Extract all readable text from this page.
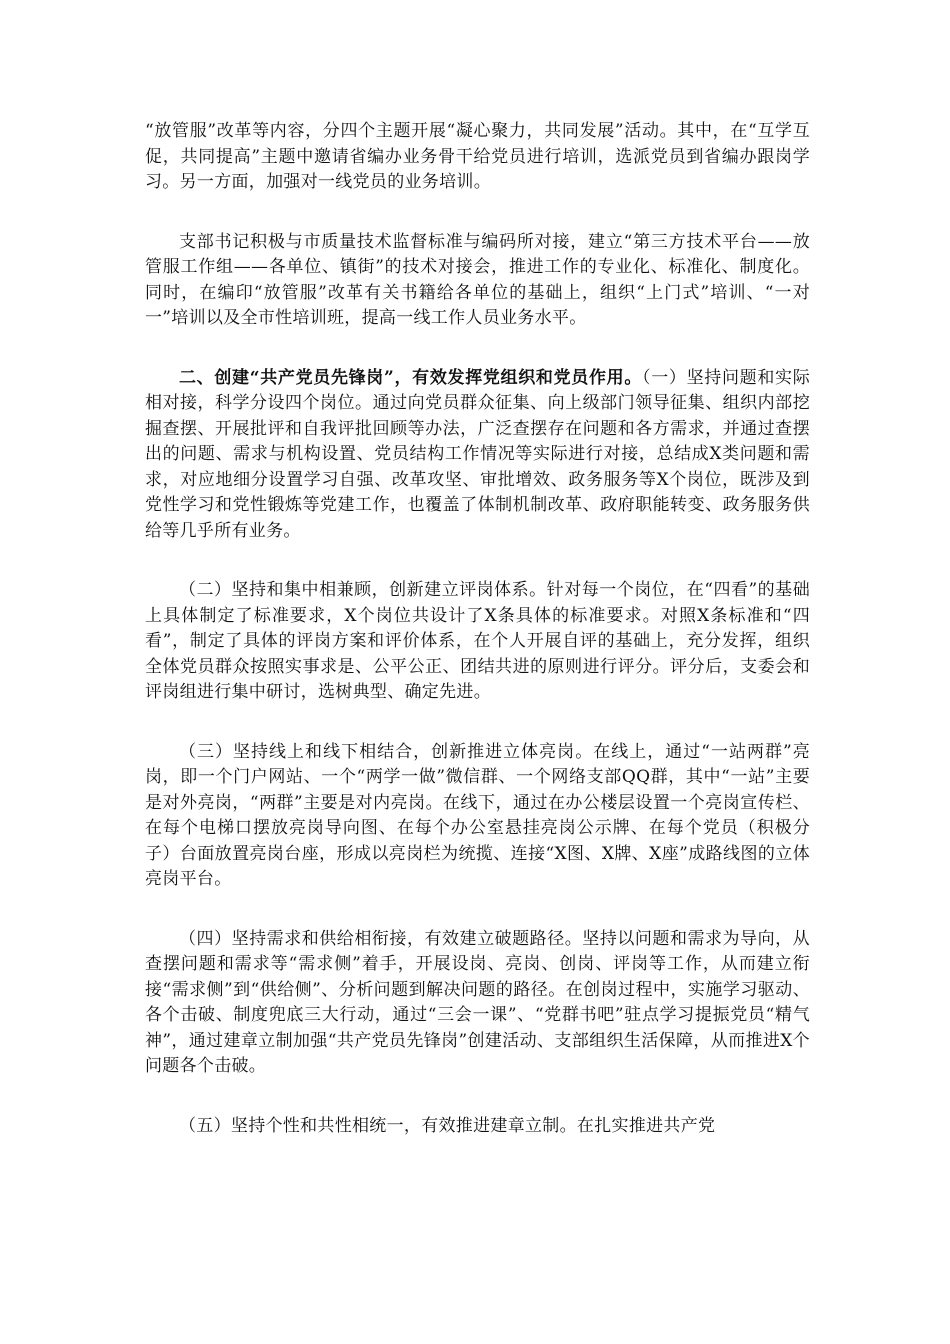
“放管服”改革等内容，分四个主题开展“凝心聚力，共同发展”活动。其中，在“互学互促，共同提高”主题中邀请省编办业务骨干给党员进行培训，选派党员到省编办跟岗学习。另一方面，加强对一线党员的业务培训。

支部书记积极与市质量技术监督标准与编码所对接，建立“第三方技术平台——放管服工作组——各单位、镇街”的技术对接会，推进工作的专业化、标准化、制度化。同时，在编印“放管服”改革有关书籍给各单位的基础上，组织“上门式”培训、“一对一”培训以及全市性培训班，提高一线工作人员业务水平。

二、创建“共产党员先锋岗”，有效发挥党组织和党员作用。（一）坚持问题和实际相对接，科学分设四个岗位。通过向党员群众征集、向上级部门领导征集、组织内部挖掘查摆、开展批评和自我评批回顾等办法，广泛查摆存在问题和各方需求，并通过查摆出的问题、需求与机构设置、党员结构工作情况等实际进行对接，总结成X类问题和需求，对应地细分设置学习自强、改革攻坚、审批增效、政务服务等X个岗位，既涉及到党性学习和党性锻炼等党建工作，也覆盖了体制机制改革、政府职能转变、政务服务供给等几乎所有业务。

（二）坚持和集中相兼顾，创新建立评岗体系。针对每一个岗位，在“四看”的基础上具体制定了标准要求，X个岗位共设计了X条具体的标准要求。对照X条标准和“四看”，制定了具体的评岗方案和评价体系，在个人开展自评的基础上，充分发挥，组织全体党员群众按照实事求是、公平公正、团结共进的原则进行评分。评分后，支委会和评岗组进行集中研讨，选树典型、确定先进。

（三）坚持线上和线下相结合，创新推进立体亮岗。在线上，通过“一站两群”亮岗，即一个门户网站、一个“两学一做”微信群、一个网络支部QQ群，其中“一站”主要是对外亮岗，“两群”主要是对内亮岗。在线下，通过在办公楼层设置一个亮岗宣传栏、在每个电梯口摆放亮岗导向图、在每个办公室悬挂亮岗公示牌、在每个党员（积极分子）台面放置亮岗台座，形成以亮岗栏为统揽、连接“X图、X牌、X座”成路线图的立体亮岗平台。

（四）坚持需求和供给相衔接，有效建立破题路径。坚持以问题和需求为导向，从查摆问题和需求等“需求侧”着手，开展设岗、亮岗、创岗、评岗等工作，从而建立衔接“需求侧”到“供给侧”、分析问题到解决问题的路径。在创岗过程中，实施学习驱动、各个击破、制度兜底三大行动，通过“三会一课”、“党群书吧”驻点学习提振党员“精气神”，通过建章立制加强“共产党员先锋岗”创建活动、支部组织生活保障，从而推进X个问题各个击破。

（五）坚持个性和共性相统一，有效推进建章立制。在扎实推进共产党
